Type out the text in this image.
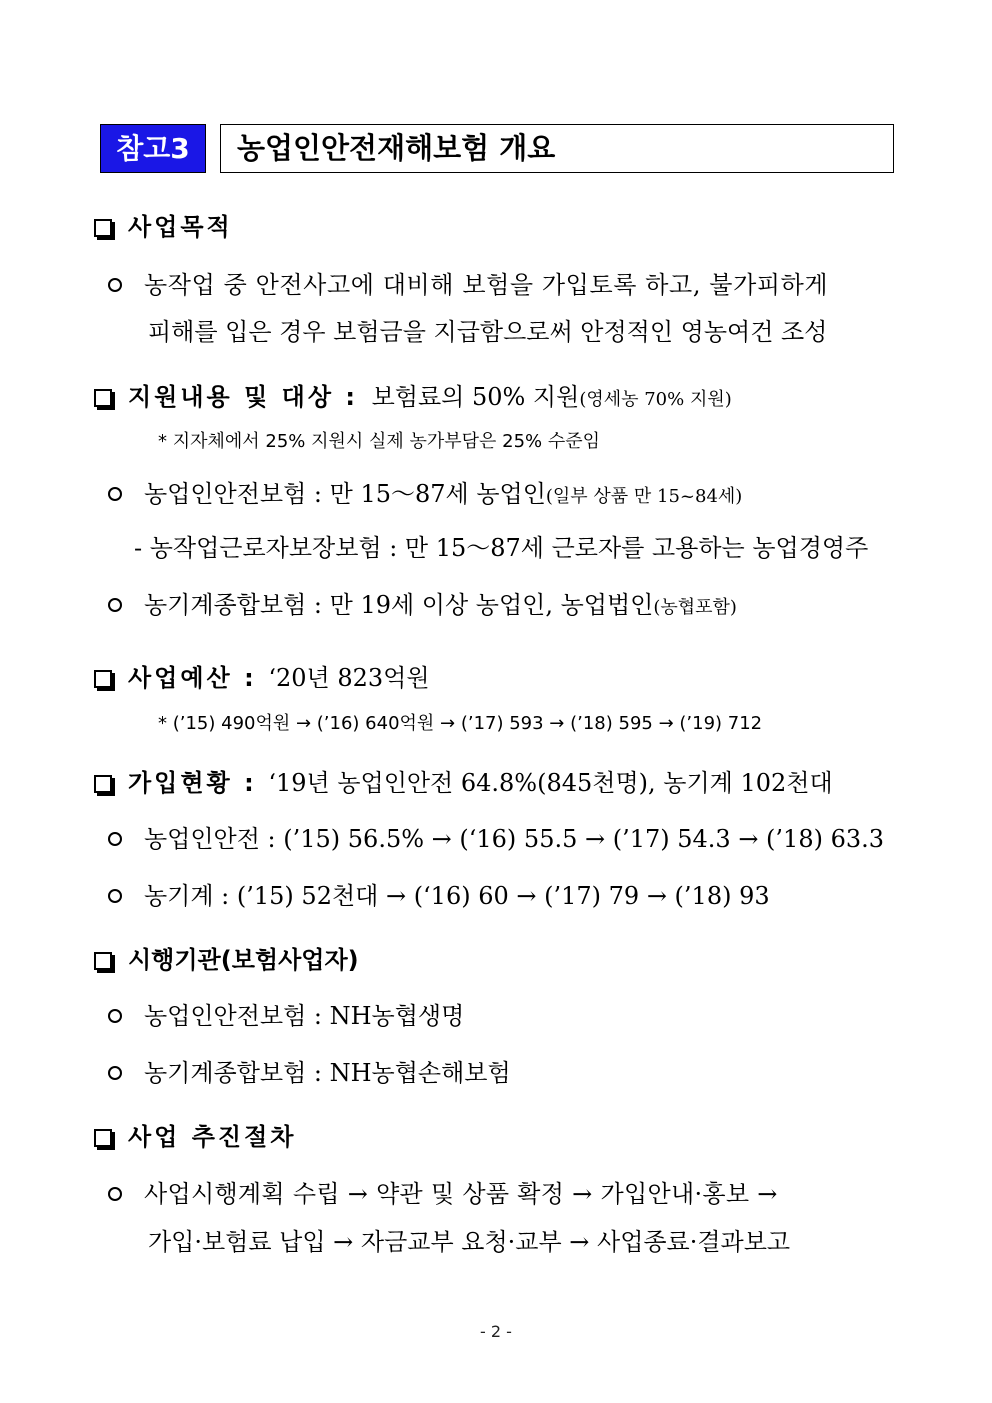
참고3	농업인안전재해보험 개요
사업목적
농작업 중 안전사고에 대비해 보험을 가입토록 하고, 불가피하게
피해를 입은 경우 보험금을 지급함으로써 안정적인 영농여건 조성
지원내용 및 대상 : 보험료의 50% 지원(영세농 70% 지원)
* 지자체에서 25% 지원시 실제 농가부담은 25% 수준임
농업인안전보험 : 만 15～87세 농업인(일부 상품 만 15~84세)
- 농작업근로자보장보험 : 만 15～87세 근로자를 고용하는 농업경영주
농기계종합보험 : 만 19세 이상 농업인, 농업법인(농협포함)
사업예산 : ‘20년 823억원
* (’15) 490억원 → (’16) 640억원 → (’17) 593 → (’18) 595 → (’19) 712
가입현황 : ‘19년 농업인안전 64.8%(845천명), 농기계 102천대
농업인안전 : (’15) 56.5% → (‘16) 55.5 → (’17) 54.3 → (’18) 63.3
농기계 : (’15) 52천대 → (‘16) 60 → (’17) 79 → (’18) 93
시행기관(보험사업자)
농업인안전보험 : NH농협생명
농기계종합보험 : NH농협손해보험
사업 추진절차
사업시행계획 수립 → 약관 및 상품 확정 → 가입안내·홍보 →
가입·보험료 납입 → 자금교부 요청·교부 → 사업종료·결과보고
- 2 -
